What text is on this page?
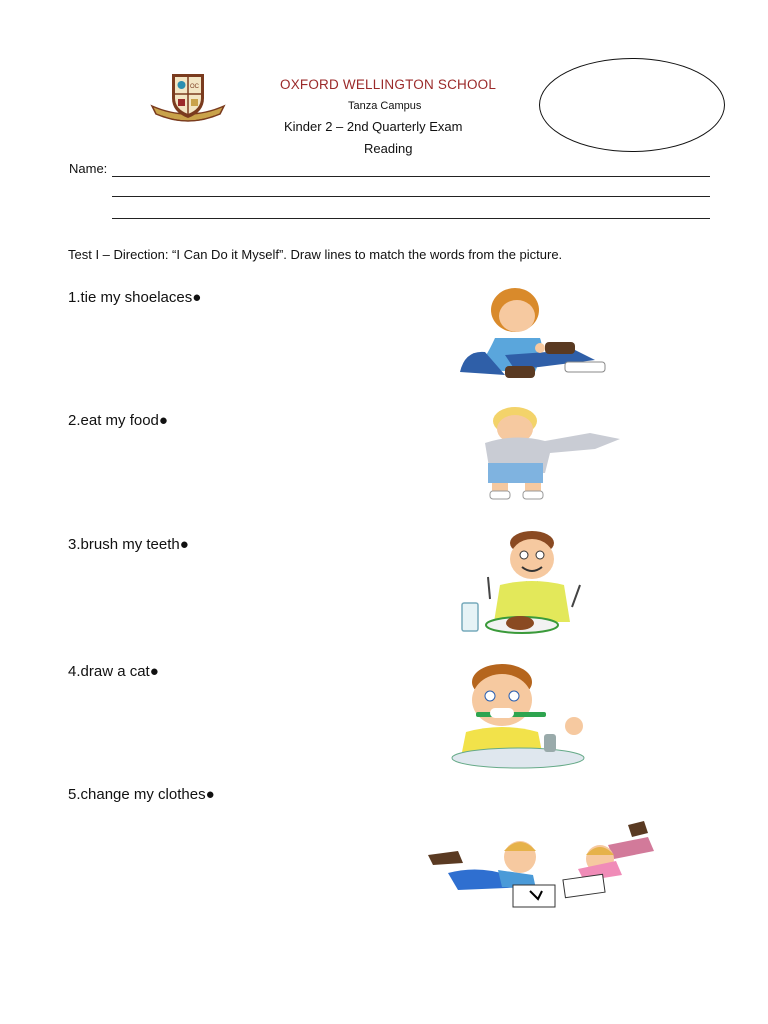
OC	OXFORD WELLINGTON SCHOOL
Tanza Campus
Kinder 2 – 2nd Quarterly Exam
Reading
Name:
Test I – Direction: “I Can Do it Myself”. Draw lines to match the words from the picture.
1.tie my shoelaces●
2.eat my food●
3.brush my teeth●
4.draw a cat●
5.change my clothes●
